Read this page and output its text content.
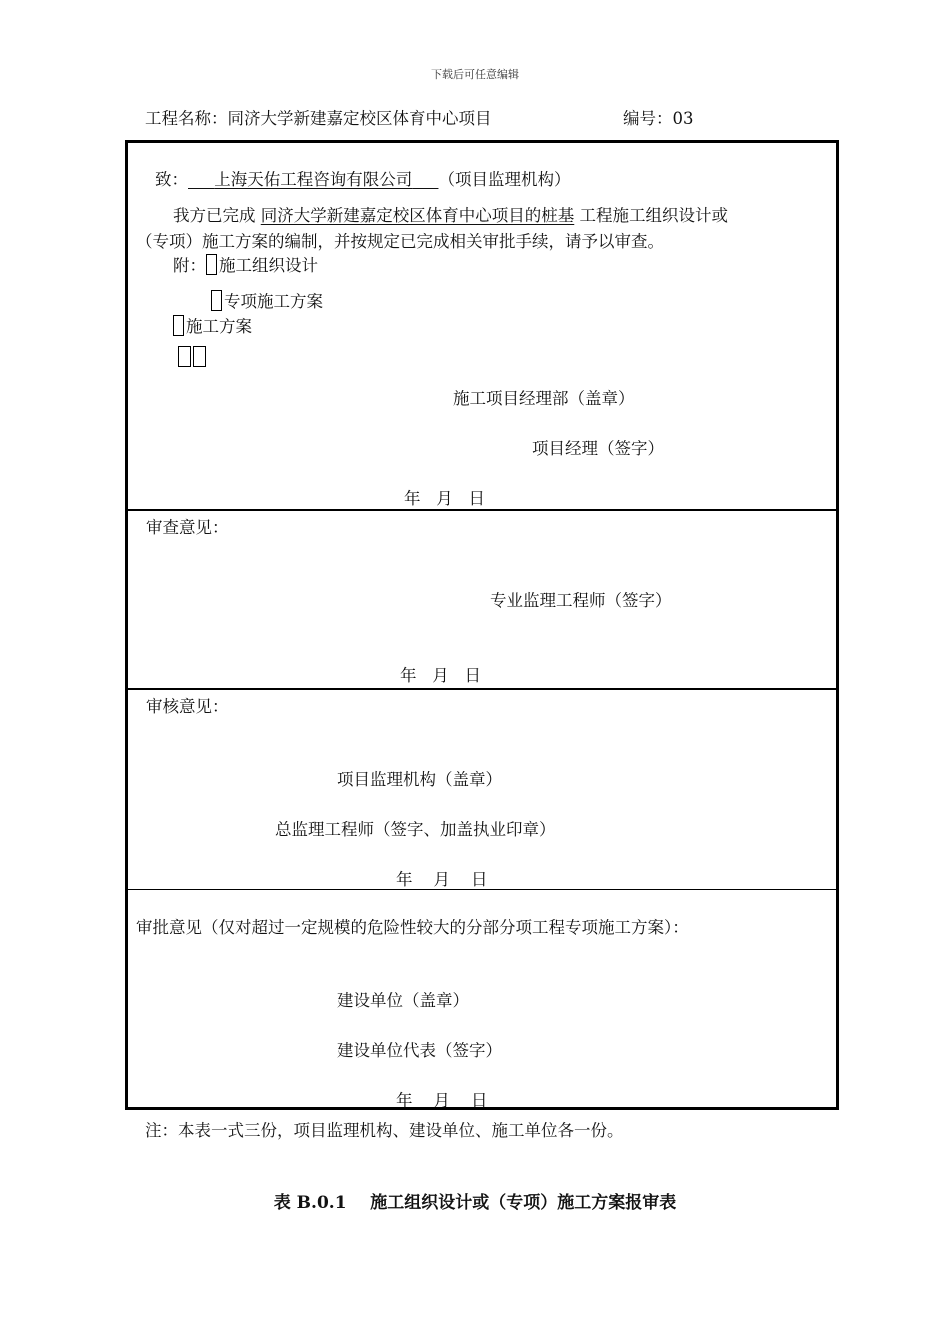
下载后可任意编辑
工程名称：同济大学新建嘉定校区体育中心项目	编号：03
致： 上海天佑工程咨询有限公司 （项目监理机构）
我方已完成 同济大学新建嘉定校区体育中心项目的桩基 工程施工组织设计或
（专项）施工方案的编制，并按规定已完成相关审批手续，请予以审查。
附： 施工组织设计
专项施工方案
施工方案
施工项目经理部（盖章）
项目经理（签字）
年   月   日
审查意见：
专业监理工程师（签字）
年   月   日
审核意见：
项目监理机构（盖章）
总监理工程师（签字、加盖执业印章）
年    月    日
审批意见（仅对超过一定规模的危险性较大的分部分项工程专项施工方案）：
建设单位（盖章）
建设单位代表（签字）
年    月    日
注：本表一式三份，项目监理机构、建设单位、施工单位各一份。
表 B.0.1    施工组织设计或（专项）施工方案报审表
